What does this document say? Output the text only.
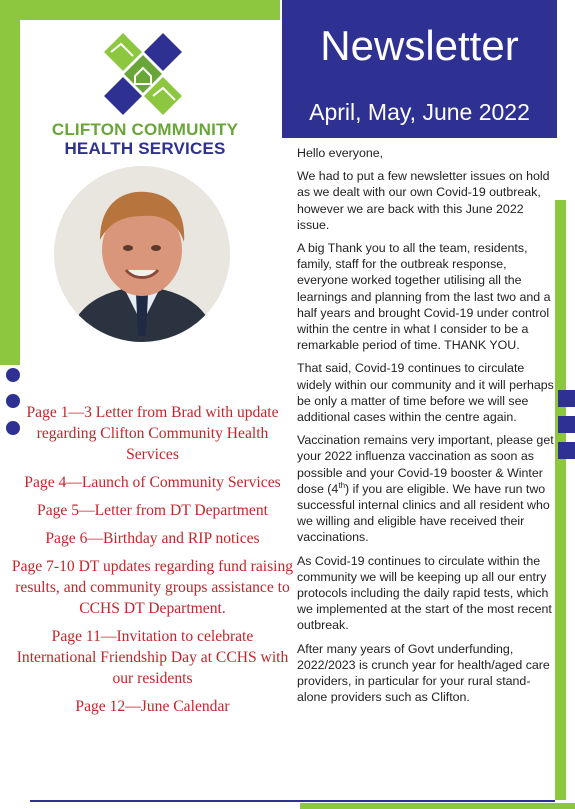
Newsletter
April, May, June 2022
CLIFTON COMMUNITY
HEALTH SERVICES

Page 1—3 Letter from Brad with update regarding Clifton Community Health Services

Page 4—Launch of Community Services

Page 5—Letter from DT Department

Page 6—Birthday and RIP notices

Page 7-10 DT updates regarding fund raising results, and community groups assistance to CCHS DT Department.

Page 11—Invitation to celebrate International Friendship Day at CCHS with our residents

Page 12—June Calendar

Hello everyone,

We had to put a few newsletter issues on hold as we dealt with our own Covid-19 outbreak, however we are back with this June 2022 issue.

A big Thank you to all the team, residents, family, staff for the outbreak response, everyone worked together utilising all the learnings and planning from the last two and a half years and brought Covid-19 under control within the centre in what I consider to be a remarkable period of time. THANK YOU.

That said, Covid-19 continues to circulate widely within our community and it will perhaps be only a matter of time before we will see additional cases within the centre again.

Vaccination remains very important, please get your 2022 influenza vaccination as soon as possible and your Covid-19 booster & Winter dose (4th) if you are eligible. We have run two successful internal clinics and all resident who we willing and eligible have received their vaccinations.

As Covid-19 continues to circulate within the community we will be keeping up all our entry protocols including the daily rapid tests, which we implemented at the start of the most recent outbreak.

After many years of Govt underfunding, 2022/2023 is crunch year for health/aged care providers, in particular for your rural stand-alone providers such as Clifton.
